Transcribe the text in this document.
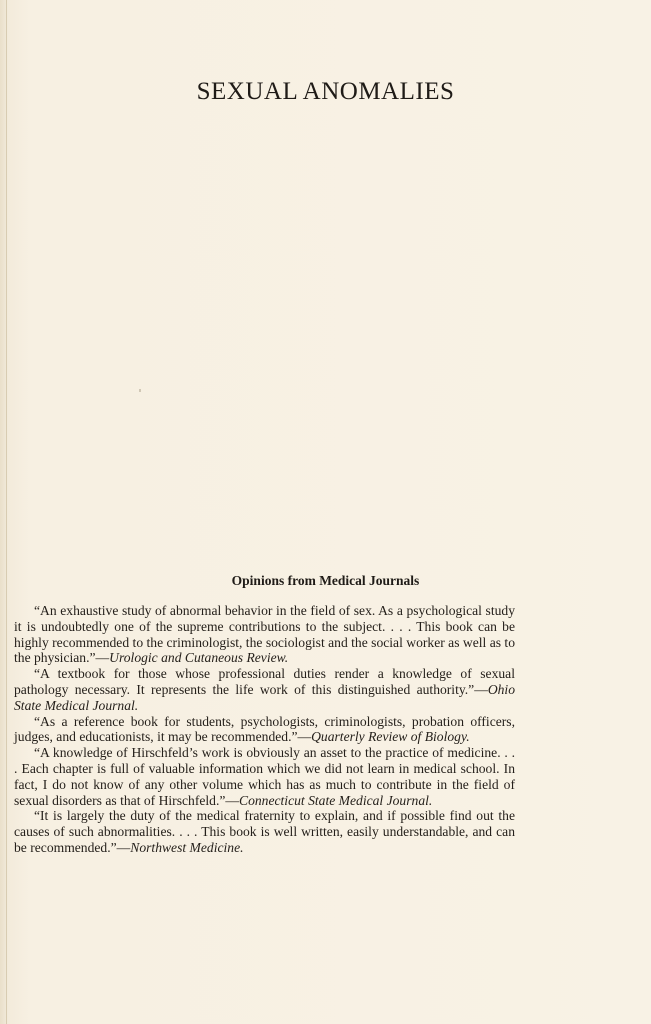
SEXUAL ANOMALIES
Opinions from Medical Journals

“An exhaustive study of abnormal behavior in the field of sex. As a psychological study it is undoubtedly one of the supreme contributions to the subject. . . . This book can be highly recommended to the criminologist, the sociologist and the social worker as well as to the physician.”—Urologic and Cutaneous Review.

“A textbook for those whose professional duties render a knowledge of sexual pathology necessary. It represents the life work of this distinguished authority.”—Ohio State Medical Journal.

“As a reference book for students, psychologists, criminologists, probation officers, judges, and educationists, it may be recommended.”—Quarterly Review of Biology.

“A knowledge of Hirschfeld’s work is obviously an asset to the practice of medicine. . . . Each chapter is full of valuable information which we did not learn in medical school. In fact, I do not know of any other volume which has as much to contribute in the field of sexual disorders as that of Hirschfeld.”—Connecticut State Medical Journal.

“It is largely the duty of the medical fraternity to explain, and if possible find out the causes of such abnormalities. . . . This book is well written, easily understandable, and can be recommended.”—Northwest Medicine.
